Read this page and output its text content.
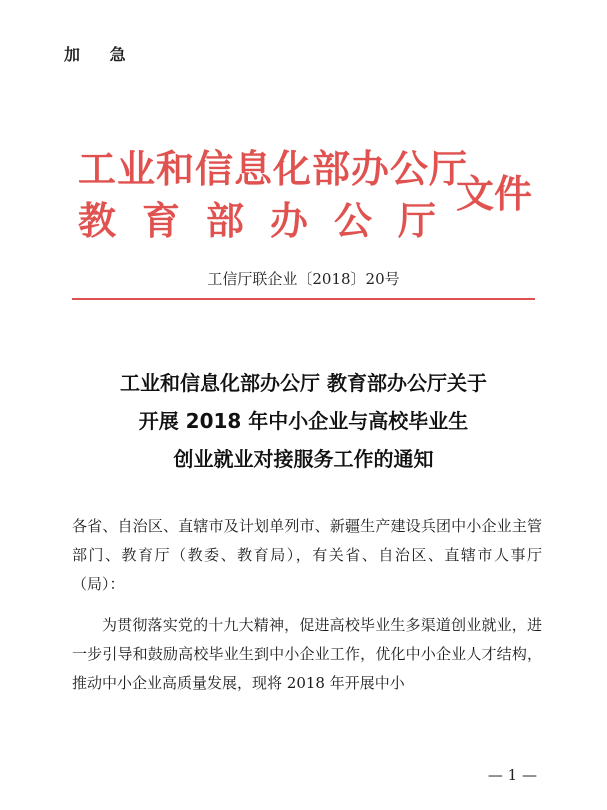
加 急
工业和信息化部办公厅
教育部办公厅
文件
工信厅联企业〔2018〕20号
工业和信息化部办公厅 教育部办公厅关于
开展 2018 年中小企业与高校毕业生
创业就业对接服务工作的通知

各省、自治区、直辖市及计划单列市、新疆生产建设兵团中小企业主管部门、教育厅（教委、教育局），有关省、自治区、直辖市人事厅（局）：

为贯彻落实党的十九大精神，促进高校毕业生多渠道创业就业，进一步引导和鼓励高校毕业生到中小企业工作，优化中小企业人才结构，推动中小企业高质量发展，现将 2018 年开展中小

— 1 —
